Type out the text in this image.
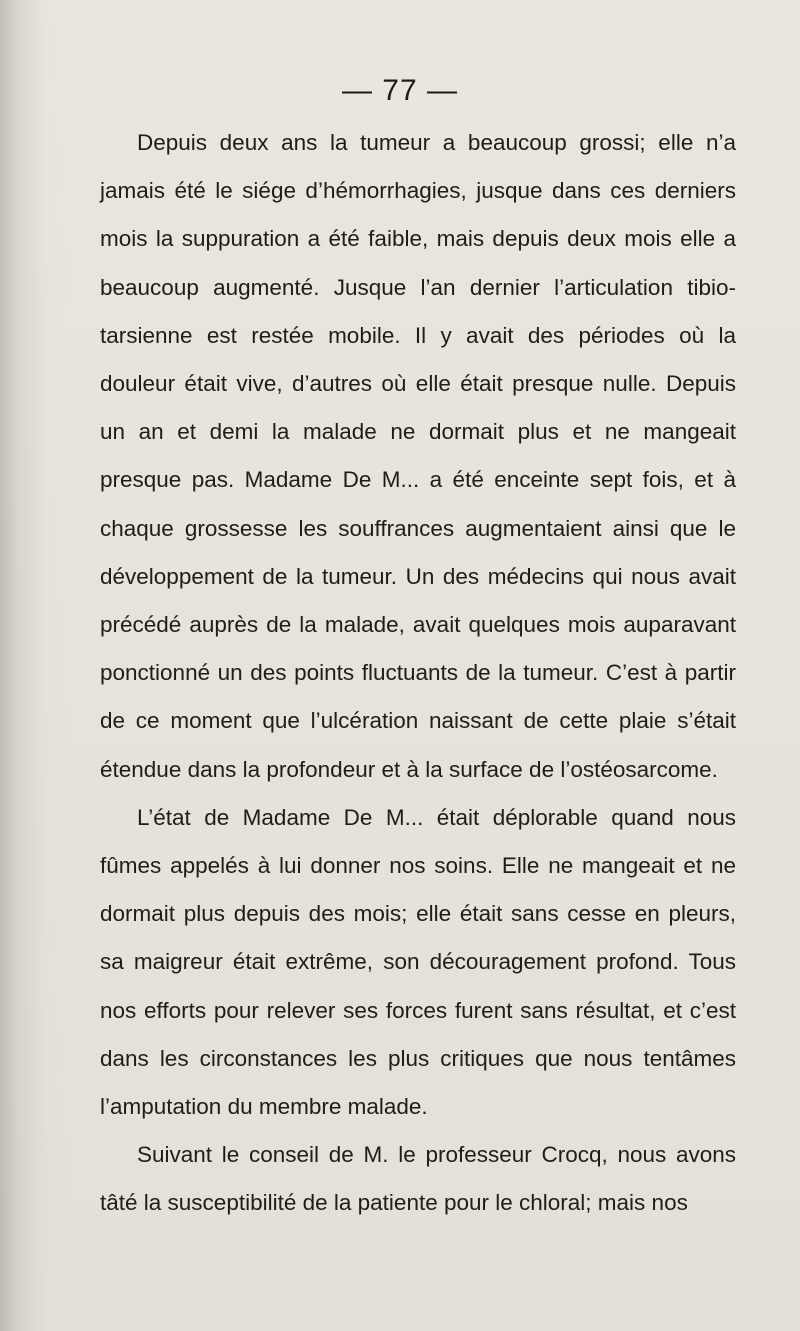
— 77 —

Depuis deux ans la tumeur a beaucoup grossi; elle n’a jamais été le siége d’hémorrhagies, jusque dans ces derniers mois la suppuration a été faible, mais depuis deux mois elle a beaucoup augmenté. Jusque l’an dernier l’articulation tibio-tarsienne est restée mobile. Il y avait des périodes où la douleur était vive, d’autres où elle était presque nulle. Depuis un an et demi la malade ne dormait plus et ne mangeait presque pas. Madame De M... a été enceinte sept fois, et à chaque grossesse les souffrances augmentaient ainsi que le développement de la tumeur. Un des médecins qui nous avait précédé auprès de la malade, avait quelques mois auparavant ponctionné un des points fluctuants de la tumeur. C’est à partir de ce moment que l’ulcération naissant de cette plaie s’était étendue dans la profondeur et à la surface de l’ostéosarcome.

L’état de Madame De M... était déplorable quand nous fûmes appelés à lui donner nos soins. Elle ne mangeait et ne dormait plus depuis des mois; elle était sans cesse en pleurs, sa maigreur était extrême, son découragement profond. Tous nos efforts pour relever ses forces furent sans résultat, et c’est dans les circonstances les plus critiques que nous tentâmes l’amputation du membre malade.

Suivant le conseil de M. le professeur Crocq, nous avons tâté la susceptibilité de la patiente pour le chloral; mais nos
